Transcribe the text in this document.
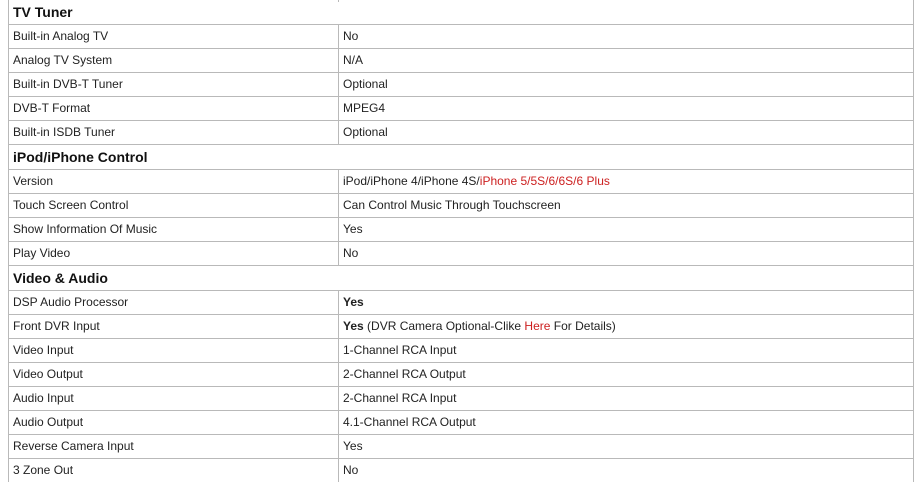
TV Tuner	
Built-in Analog TV	No
Analog TV System	N/A
Built-in DVB-T Tuner	Optional
DVB-T Format	MPEG4
Built-in ISDB Tuner	Optional
iPod/iPhone Control	
Version	iPod/iPhone 4/iPhone 4S/iPhone 5/5S/6/6S/6 Plus
Touch Screen Control	Can Control Music Through Touchscreen
Show Information Of Music	Yes
Play Video	No
Video & Audio	
DSP Audio Processor	Yes
Front DVR Input	Yes (DVR Camera Optional-Clike Here For Details)
Video Input	1-Channel RCA Input
Video Output	2-Channel RCA Output
Audio Input	2-Channel RCA Input
Audio Output	4.1-Channel RCA Output
Reverse Camera Input	Yes
3 Zone Out	No
